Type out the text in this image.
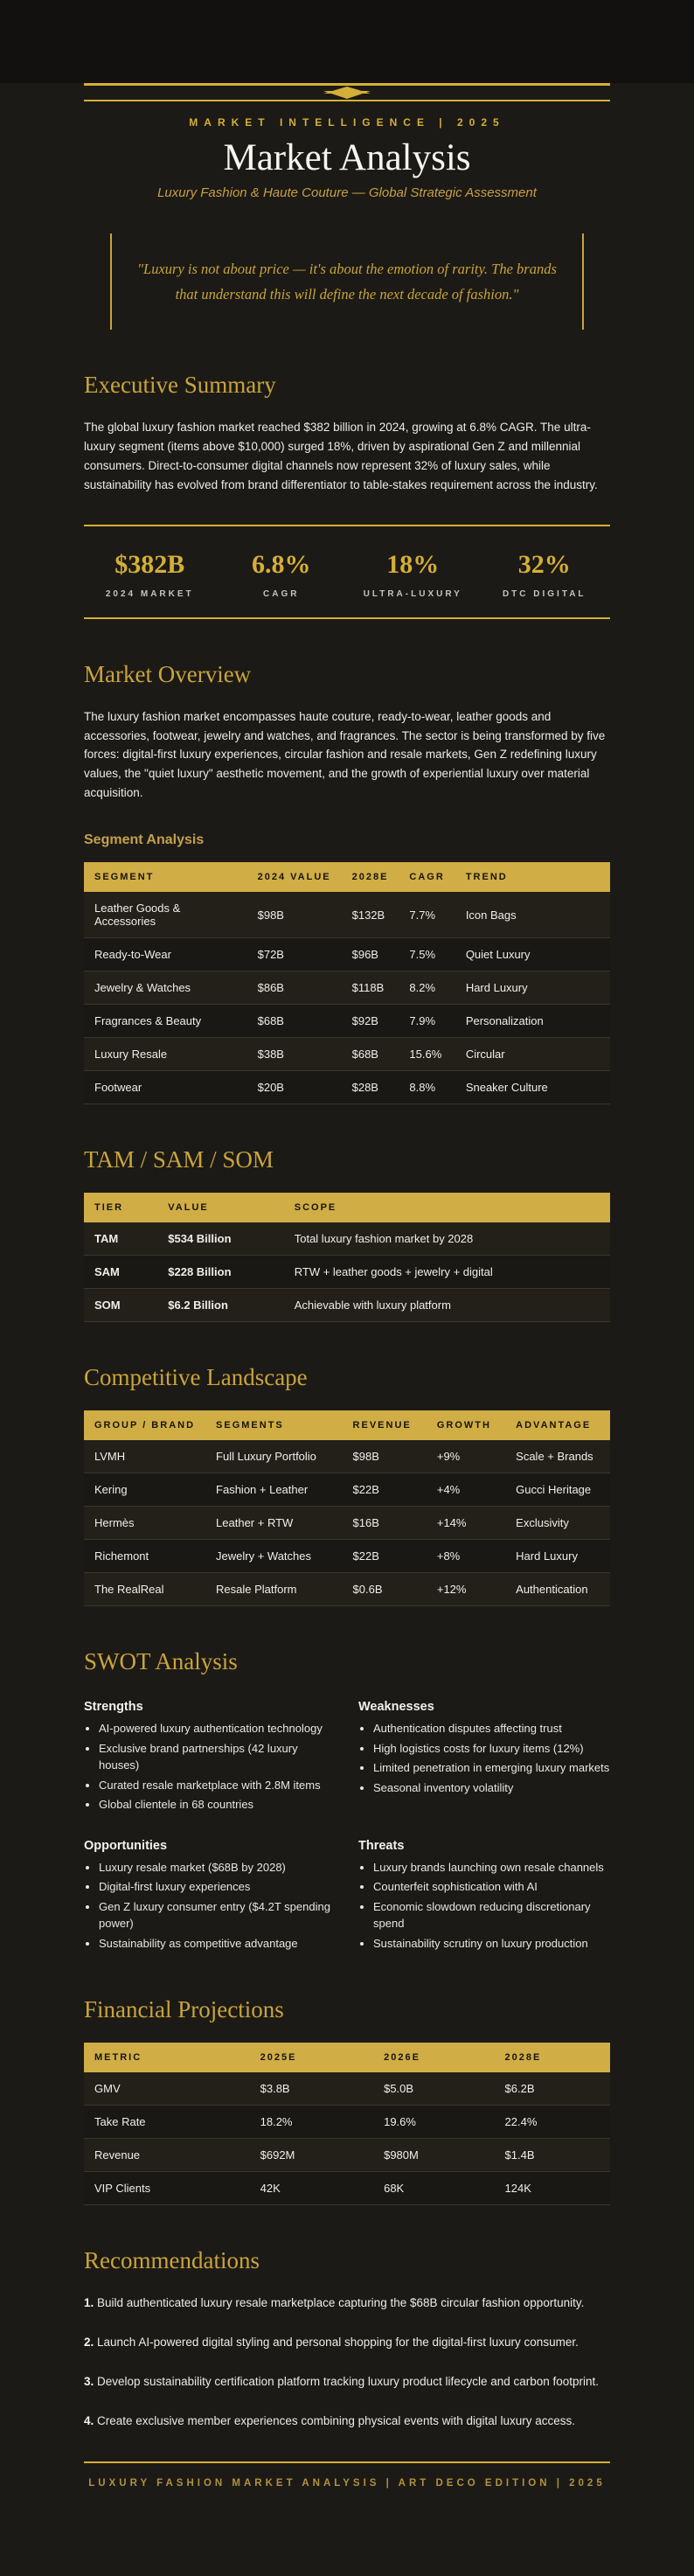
MARKET INTELLIGENCE | 2025
Market Analysis
Luxury Fashion & Haute Couture — Global Strategic Assessment
"Luxury is not about price — it's about the emotion of rarity. The brands that understand this will define the next decade of fashion."
Executive Summary

The global luxury fashion market reached $382 billion in 2024, growing at 6.8% CAGR. The ultra-luxury segment (items above $10,000) surged 18%, driven by aspirational Gen Z and millennial consumers. Direct-to-consumer digital channels now represent 32% of luxury sales, while sustainability has evolved from brand differentiator to table-stakes requirement across the industry.

$382B
2024 MARKET
6.8%
CAGR
18%
ULTRA-LUXURY
32%
DTC DIGITAL
Market Overview

The luxury fashion market encompasses haute couture, ready-to-wear, leather goods and accessories, footwear, jewelry and watches, and fragrances. The sector is being transformed by five forces: digital-first luxury experiences, circular fashion and resale markets, Gen Z redefining luxury values, the "quiet luxury" aesthetic movement, and the growth of experiential luxury over material acquisition.

Segment Analysis
SEGMENT	2024 VALUE	2028E	CAGR	TREND
Leather Goods & Accessories	$98B	$132B	7.7%	Icon Bags
Ready-to-Wear	$72B	$96B	7.5%	Quiet Luxury
Jewelry & Watches	$86B	$118B	8.2%	Hard Luxury
Fragrances & Beauty	$68B	$92B	7.9%	Personalization
Luxury Resale	$38B	$68B	15.6%	Circular
Footwear	$20B	$28B	8.8%	Sneaker Culture
TAM / SAM / SOM
TIER	VALUE	SCOPE
TAM	$534 Billion	Total luxury fashion market by 2028
SAM	$228 Billion	RTW + leather goods + jewelry + digital
SOM	$6.2 Billion	Achievable with luxury platform
Competitive Landscape
GROUP / BRAND	SEGMENTS	REVENUE	GROWTH	ADVANTAGE
LVMH	Full Luxury Portfolio	$98B	+9%	Scale + Brands
Kering	Fashion + Leather	$22B	+4%	Gucci Heritage
Hermès	Leather + RTW	$16B	+14%	Exclusivity
Richemont	Jewelry + Watches	$22B	+8%	Hard Luxury
The RealReal	Resale Platform	$0.6B	+12%	Authentication
SWOT Analysis
Strengths
• AI-powered luxury authentication technology
• Exclusive brand partnerships (42 luxury houses)
• Curated resale marketplace with 2.8M items
• Global clientele in 68 countries
Weaknesses
• Authentication disputes affecting trust
• High logistics costs for luxury items (12%)
• Limited penetration in emerging luxury markets
• Seasonal inventory volatility
Opportunities
• Luxury resale market ($68B by 2028)
• Digital-first luxury experiences
• Gen Z luxury consumer entry ($4.2T spending power)
• Sustainability as competitive advantage
Threats
• Luxury brands launching own resale channels
• Counterfeit sophistication with AI
• Economic slowdown reducing discretionary spend
• Sustainability scrutiny on luxury production
Financial Projections
METRIC	2025E	2026E	2028E
GMV	$3.8B	$5.0B	$6.2B
Take Rate	18.2%	19.6%	22.4%
Revenue	$692M	$980M	$1.4B
VIP Clients	42K	68K	124K
Recommendations

1. Build authenticated luxury resale marketplace capturing the $68B circular fashion opportunity.

2. Launch AI-powered digital styling and personal shopping for the digital-first luxury consumer.

3. Develop sustainability certification platform tracking luxury product lifecycle and carbon footprint.

4. Create exclusive member experiences combining physical events with digital luxury access.

LUXURY FASHION MARKET ANALYSIS | ART DECO EDITION | 2025
